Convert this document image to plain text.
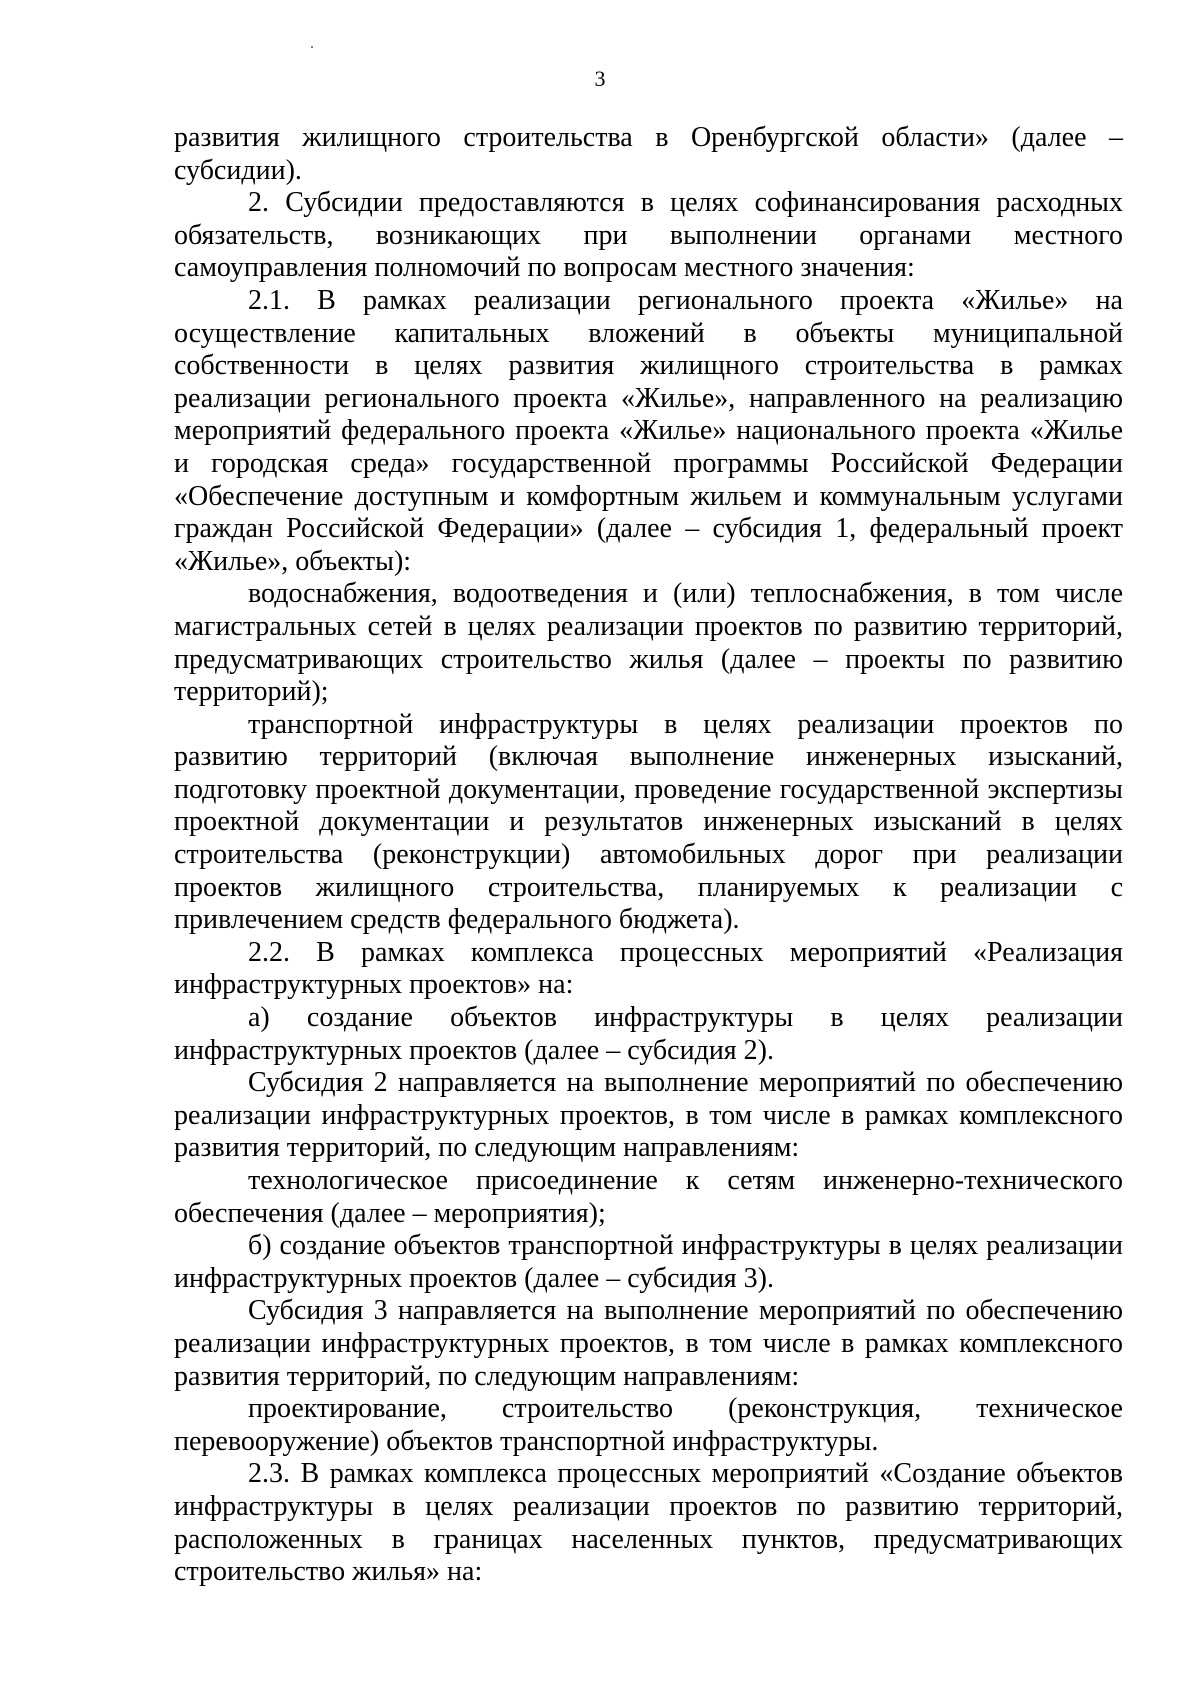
3

развития жилищного строительства в Оренбургской области» (далее – субсидии).

2. Субсидии предоставляются в целях софинансирования расходных обязательств, возникающих при выполнении органами местного самоуправления полномочий по вопросам местного значения:

2.1. В рамках реализации регионального проекта «Жилье» на осуществление капитальных вложений в объекты муниципальной собственности в целях развития жилищного строительства в рамках реализации регионального проекта «Жилье», направленного на реализацию мероприятий федерального проекта «Жилье» национального проекта «Жилье и городская среда» государственной программы Российской Федерации «Обеспечение доступным и комфортным жильем и коммунальным услугами граждан Российской Федерации» (далее – субсидия 1, федеральный проект «Жилье», объекты):

водоснабжения, водоотведения и (или) теплоснабжения, в том числе магистральных сетей в целях реализации проектов по развитию территорий, предусматривающих строительство жилья (далее – проекты по развитию территорий);

транспортной инфраструктуры в целях реализации проектов по развитию территорий (включая выполнение инженерных изысканий, подготовку проектной документации, проведение государственной экспертизы проектной документации и результатов инженерных изысканий в целях строительства (реконструкции) автомобильных дорог при реализации проектов жилищного строительства, планируемых к реализации с привлечением средств федерального бюджета).

2.2. В рамках комплекса процессных мероприятий «Реализация инфраструктурных проектов» на:

а) создание объектов инфраструктуры в целях реализации инфраструктурных проектов (далее – субсидия 2).

Субсидия 2 направляется на выполнение мероприятий по обеспечению реализации инфраструктурных проектов, в том числе в рамках комплексного развития территорий, по следующим направлениям:

технологическое присоединение к сетям инженерно-технического обеспечения (далее – мероприятия);

б) создание объектов транспортной инфраструктуры в целях реализации инфраструктурных проектов (далее – субсидия 3).

Субсидия 3 направляется на выполнение мероприятий по обеспечению реализации инфраструктурных проектов, в том числе в рамках комплексного развития территорий, по следующим направлениям:

проектирование, строительство (реконструкция, техническое перевооружение) объектов транспортной инфраструктуры.

2.3. В рамках комплекса процессных мероприятий «Создание объектов инфраструктуры в целях реализации проектов по развитию территорий, расположенных в границах населенных пунктов, предусматривающих строительство жилья» на:
